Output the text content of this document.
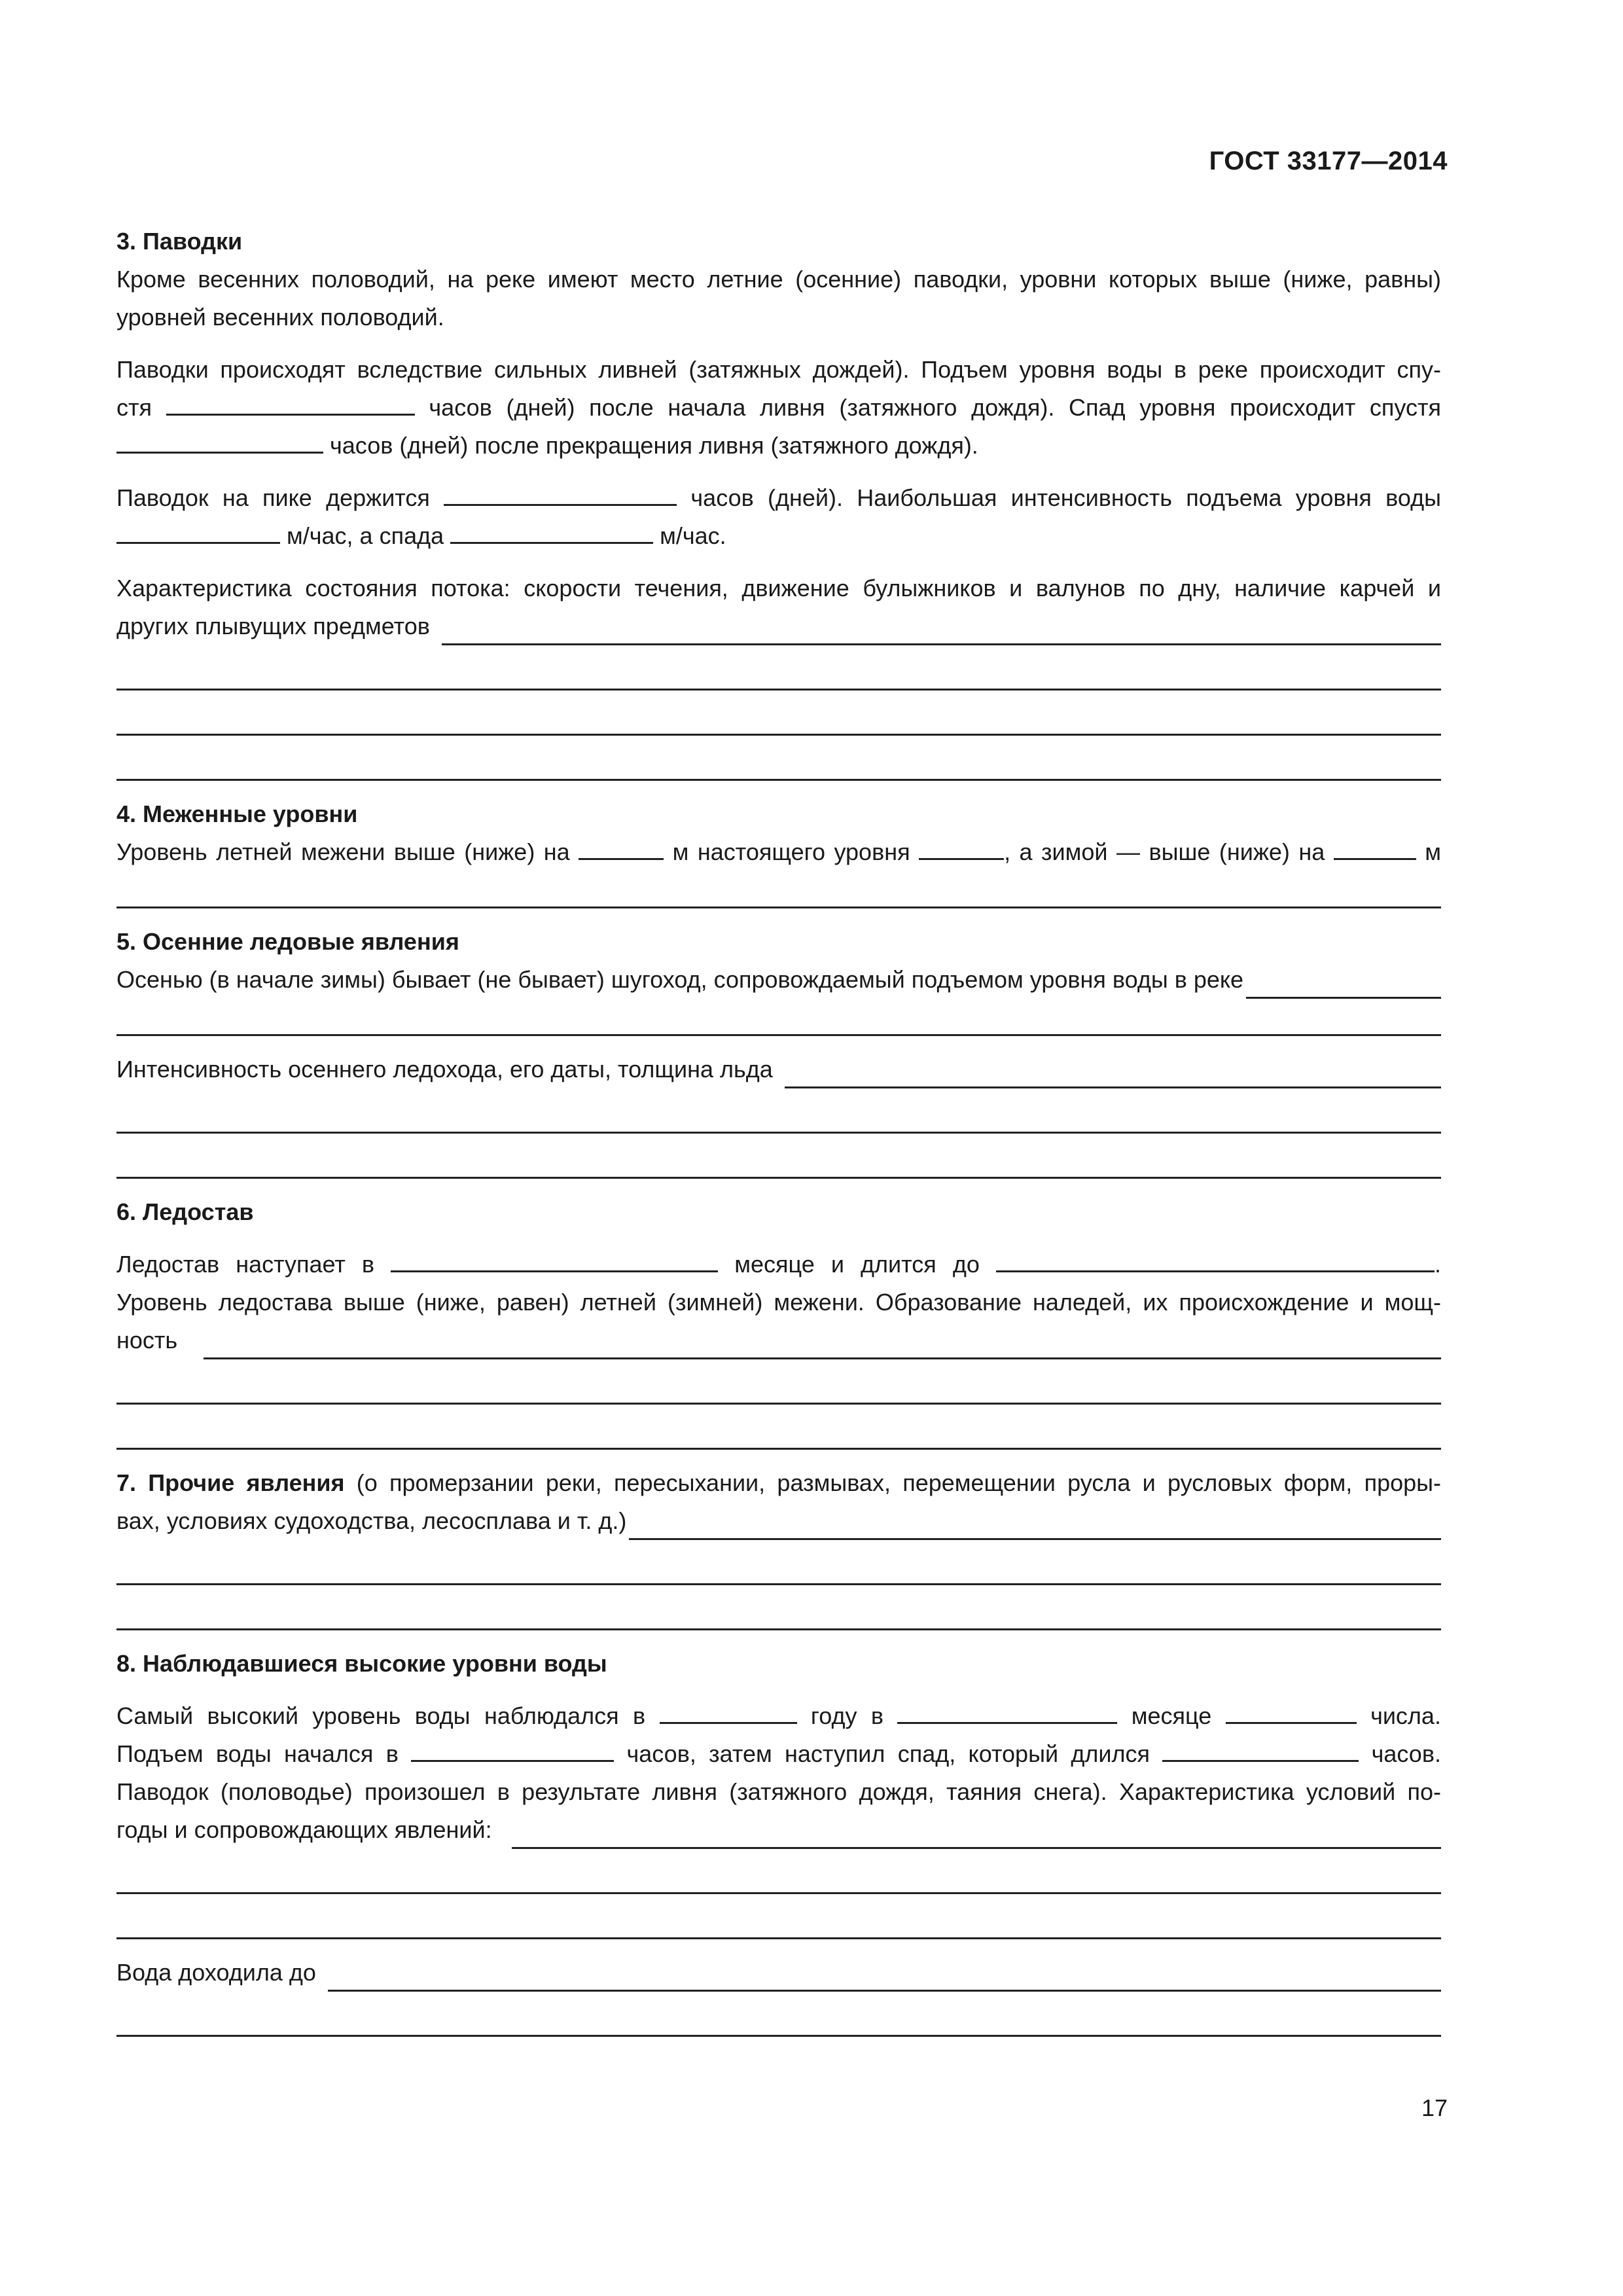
ГОСТ 33177—2014

3. Паводки

Кроме весенних половодий, на реке имеют место летние (осенние) паводки, уровни которых выше (ниже, равны)

уровней весенних половодий.

Паводки происходят вследствие сильных ливней (затяжных дождей). Подъем уровня воды в реке происходит спу-

стя	часов (дней) после начала ливня (затяжного дождя). Спад уровня происходит спустя

часов (дней) после прекращения ливня (затяжного дождя).

Паводок на пике держится	часов (дней). Наибольшая интенсивность подъема уровня воды

м/час, а спада	м/час.

Характеристика состояния потока: скорости течения, движение булыжников и валунов по дну, наличие карчей и

других плывущих предметов

4. Меженные уровни

Уровень летней межени выше (ниже) на	м настоящего уровня	, а зимой — выше (ниже) на	м

5. Осенние ледовые явления

Осенью (в начале зимы) бывает (не бывает) шугоход, сопровождаемый подъемом уровня воды в реке
Интенсивность осеннего ледохода, его даты, толщина льда

6. Ледостав

Ледостав наступает в	месяце и длится до	.

Уровень ледостава выше (ниже, равен) летней (зимней) межени. Образование наледей, их происхождение и мощ-

ность

7. Прочие явления (о промерзании реки, пересыхании, размывах, перемещении русла и русловых форм, проры-

вах, условиях судоходства, лесосплава и т. д.)

8. Наблюдавшиеся высокие уровни воды

Самый высокий уровень воды наблюдался в	году в	месяце	числа.

Подъем воды начался в	часов, затем наступил спад, который длился	часов.

Паводок (половодье) произошел в результате ливня (затяжного дождя, таяния снега). Характеристика условий по-

годы и сопровождающих явлений:
Вода доходила до
17
